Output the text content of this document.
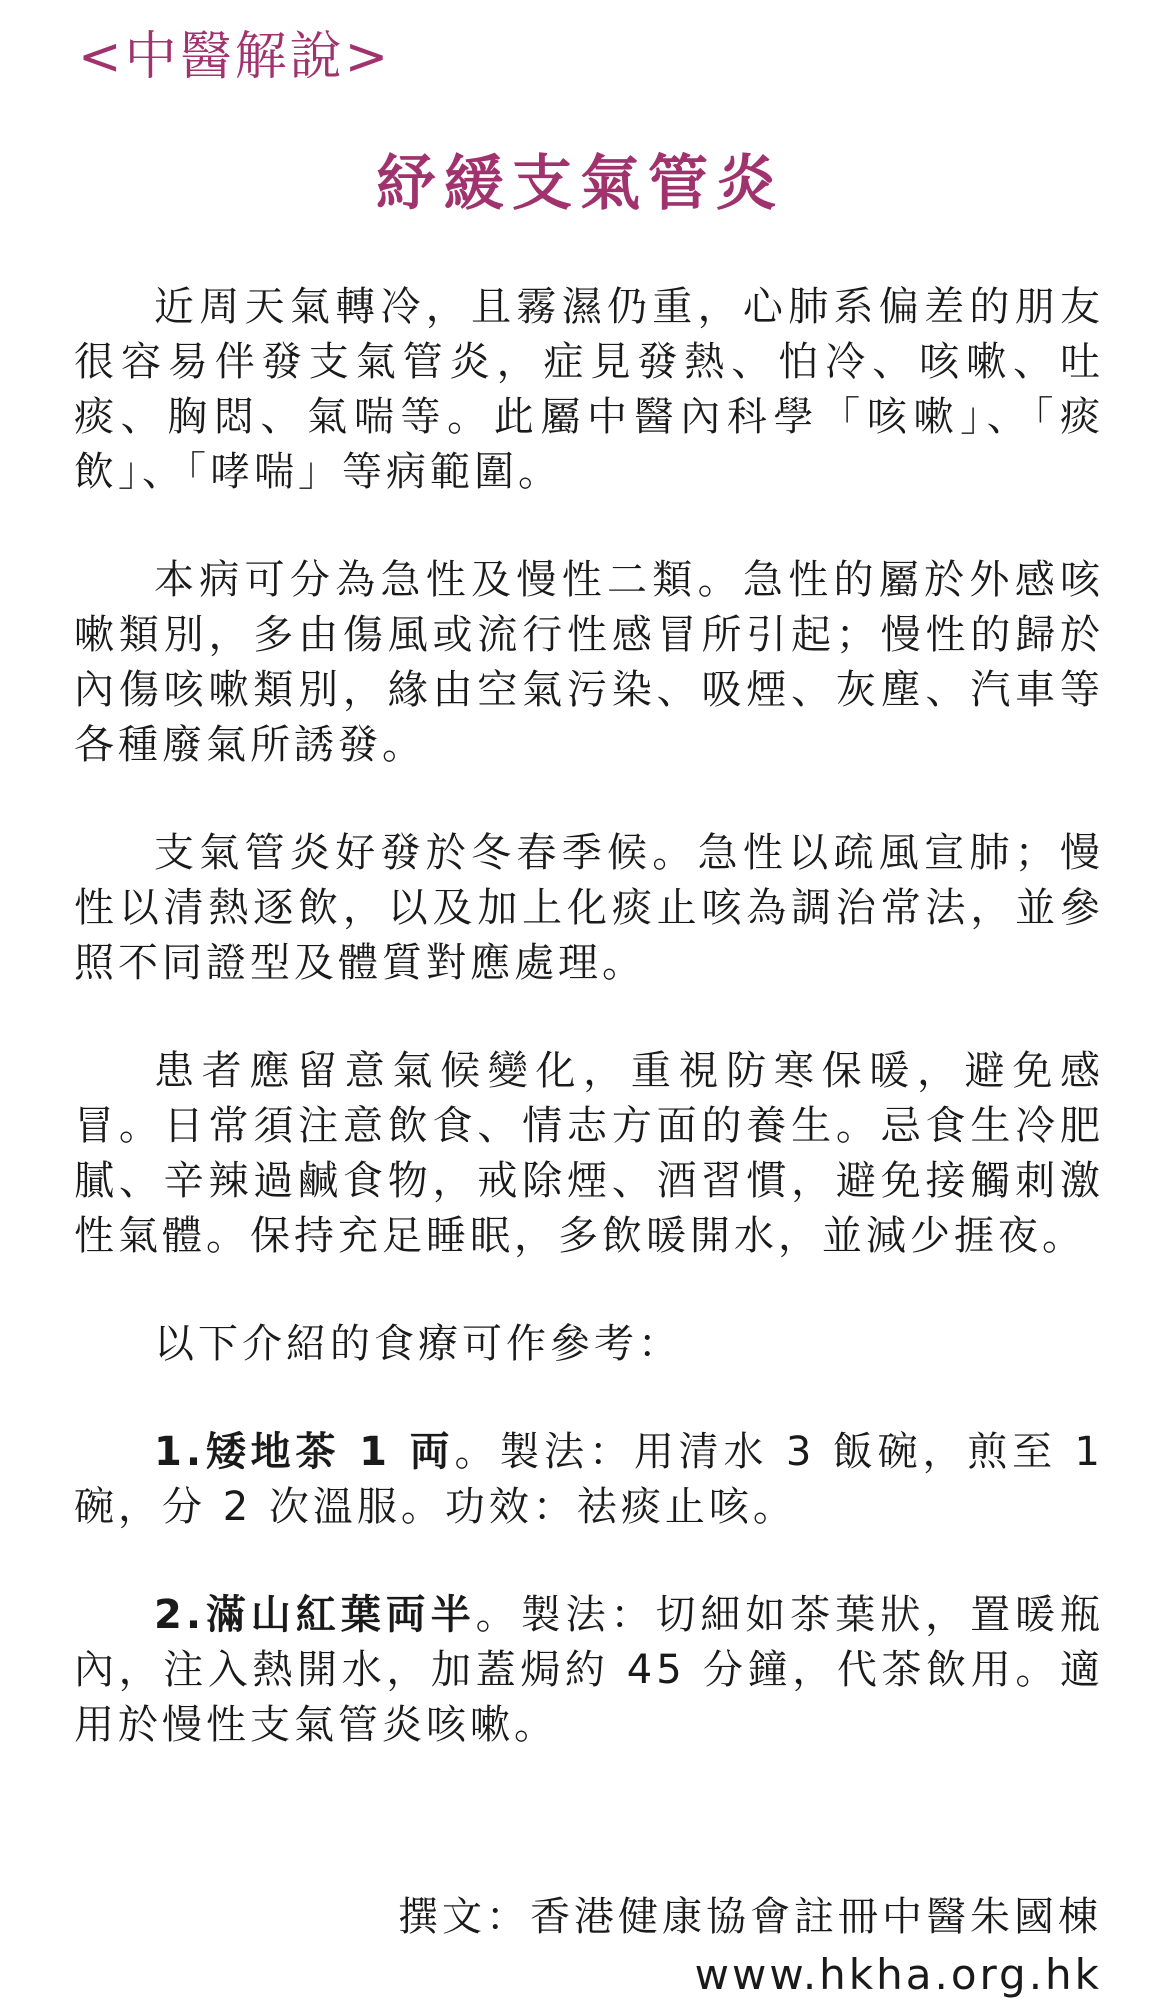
<中醫解說>
紓緩支氣管炎

近周天氣轉冷，且霧濕仍重，心肺系偏差的朋友很容易伴發支氣管炎，症見發熱、怕冷、咳嗽、吐痰、胸悶、氣喘等。此屬中醫內科學「咳嗽」、「痰飲」、「哮喘」等病範圍。

本病可分為急性及慢性二類。急性的屬於外感咳嗽類別，多由傷風或流行性感冒所引起；慢性的歸於內傷咳嗽類別，緣由空氣污染、吸煙、灰塵、汽車等各種廢氣所誘發。

支氣管炎好發於冬春季候。急性以疏風宣肺；慢性以清熱逐飲，以及加上化痰止咳為調治常法，並參照不同證型及體質對應處理。

患者應留意氣候變化，重視防寒保暖，避免感冒。日常須注意飲食、情志方面的養生。忌食生冷肥膩、辛辣過鹹食物，戒除煙、酒習慣，避免接觸刺激性氣體。保持充足睡眠，多飲暖開水，並減少捱夜。

以下介紹的食療可作參考：

1.矮地茶 1 両。製法：用清水 3 飯碗，煎至 1 碗，分 2 次溫服。功效：祛痰止咳。

2.滿山紅葉両半。製法：切細如茶葉狀，置暖瓶內，注入熱開水，加蓋焗約 45 分鐘，代茶飲用。適用於慢性支氣管炎咳嗽。

撰文：香港健康協會註冊中醫朱國棟
www.hkha.org.hk
